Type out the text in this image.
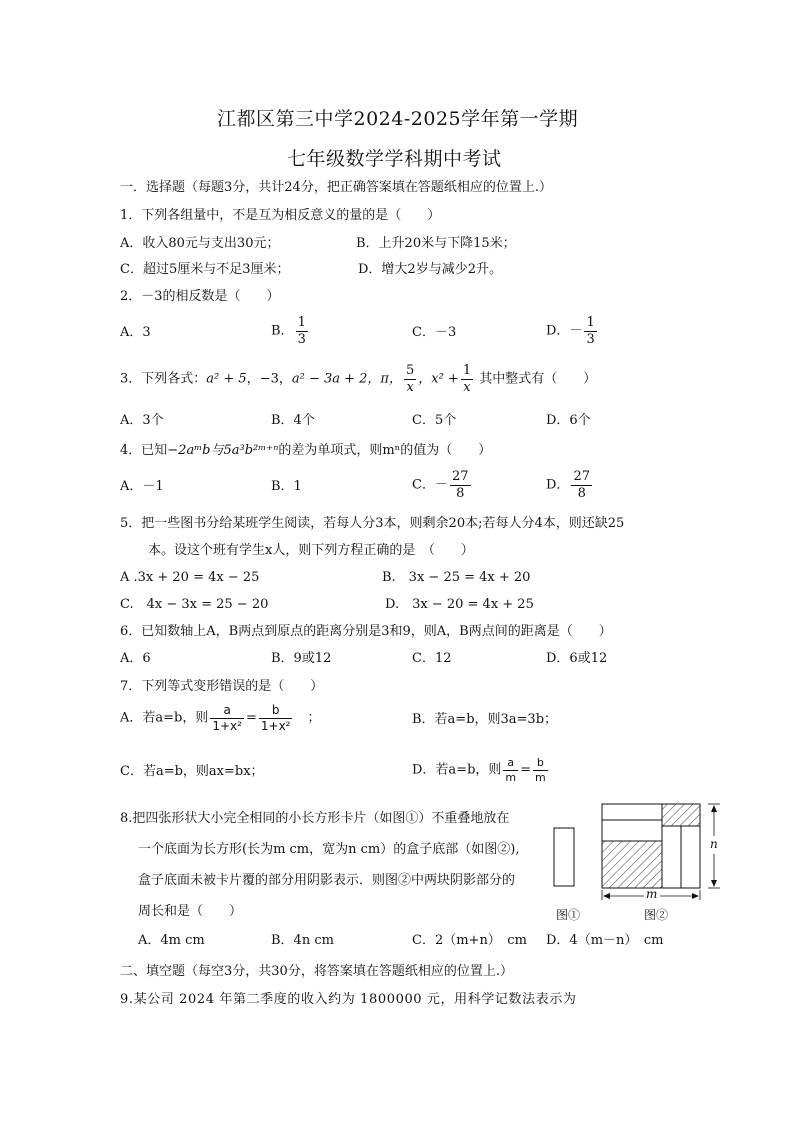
江都区第三中学2024-2025学年第一学期
七年级数学学科期中考试
一．选择题（每题3分，共计24分，把正确答案填在答题纸相应的位置上.）
1．下列各组量中，不是互为相反意义的量的是（　　）
A．收入80元与支出30元；	B．上升20米与下降15米；
C．超过5厘米与不足3厘米；	D．增大2岁与减少2升。
2．－3的相反数是（　　）
A．3	B． $\frac{1}{3}$	C．－3	D．－ $\frac{1}{3}$
3．下列各式：a² + 5，−3，a² − 3a + 2，π， $\frac{5}{x}$ ，$x^2 + \frac{1}{x}$ 其中整式有（　　）
A．3个	B．4个	C．5个	D．6个
4．已知−2aᵐb与5a³b²ᵐ⁺ⁿ的差为单项式，则mⁿ的值为（　　）
A．－1	B．1	C．－ $\frac{27}{8}$	D． $\frac{27}{8}$
5．把一些图书分给某班学生阅读，若每人分3本，则剩余20本;若每人分4本，则还缺25
本。设这个班有学生x人，则下列方程正确的是　（　　）
A .3x + 20 = 4x − 25	B.　3x − 25 = 4x + 20
C.　4x − 3x = 25 − 20	D.　3x − 20 = 4x + 25
6．已知数轴上A，B两点到原点的距离分别是3和9，则A，B两点间的距离是（　　）
A．6	B．9或12	C．12	D．6或12
7．下列等式变形错误的是（　　）
A．若a=b，则 $\frac{a}{\text{1+x²}} = \frac{b}{\text{1+x²}}$
　 ；	B．若a=b，则3a=3b；
C．若a=b，则ax=bx；	D．若a=b，则 $\frac{a}{m} = \frac{b}{m}$
8.把四张形状大小完全相同的小长方形卡片（如图①）不重叠地放在
一个底面为长方形(长为m cm，宽为n cm）的盒子底部（如图②),
盒子底面未被卡片覆的部分用阴影表示．则图②中两块阴影部分的
周长和是（　　）
A．4m cm	B．4n cm	C．2（m+n）　cm D．4（m－n）　cm
n
m
图①	图②
二、填空题（每空3分，共30分，将答案填在答题纸相应的位置上.）
9.某公司 2024 年第二季度的收入约为 1800000 元，用科学记数法表示为
